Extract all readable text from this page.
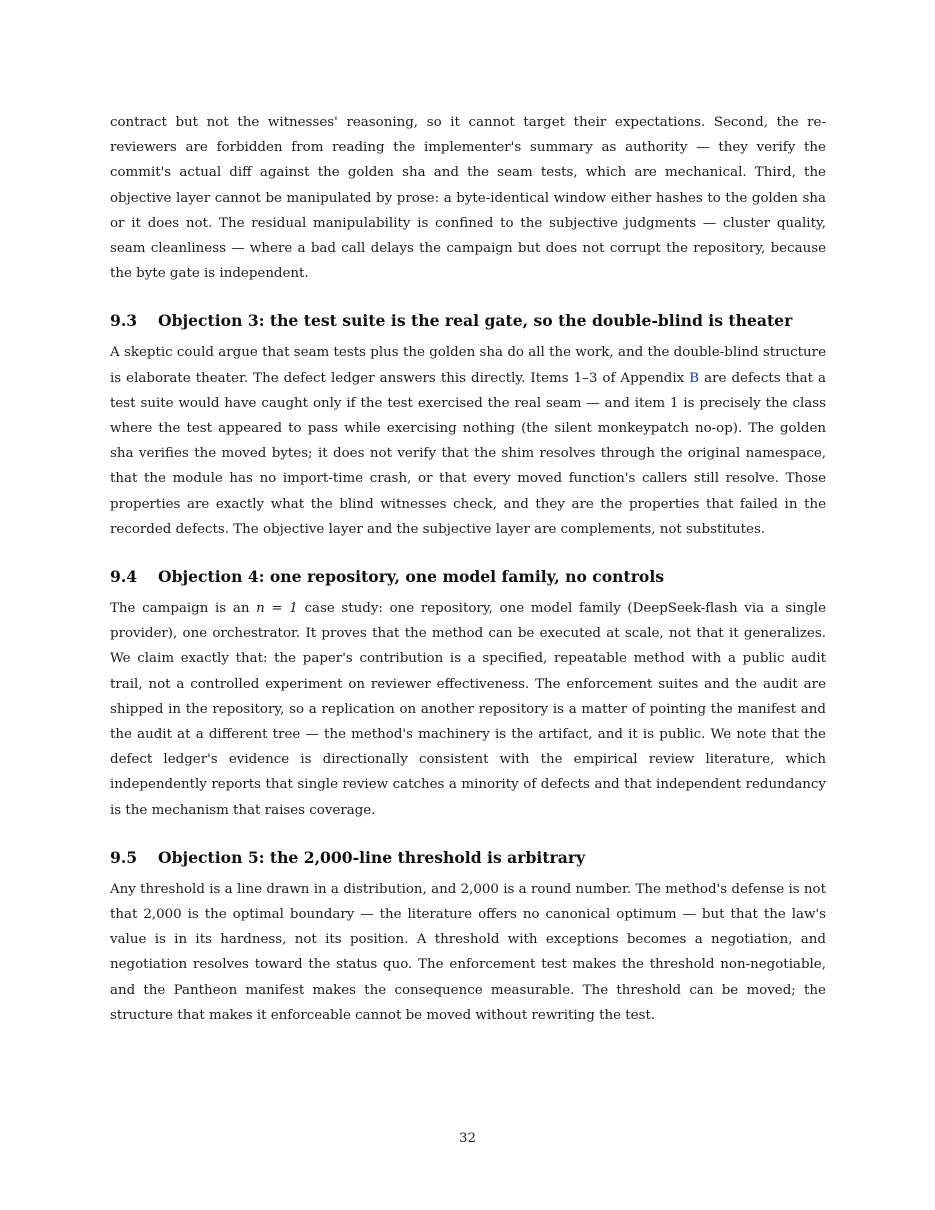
contract but not the witnesses' reasoning, so it cannot target their expectations. Second, the re-reviewers are forbidden from reading the implementer's summary as authority — they verify the commit's actual diff against the golden sha and the seam tests, which are mechanical. Third, the objective layer cannot be manipulated by prose: a byte-identical window either hashes to the golden sha or it does not. The residual manipulability is confined to the subjective judgments — cluster quality, seam cleanliness — where a bad call delays the campaign but does not corrupt the repository, because the byte gate is independent.

9.3 Objection 3: the test suite is the real gate, so the double-blind is theater

A skeptic could argue that seam tests plus the golden sha do all the work, and the double-blind structure is elaborate theater. The defect ledger answers this directly. Items 1–3 of Appendix B are defects that a test suite would have caught only if the test exercised the real seam — and item 1 is precisely the class where the test appeared to pass while exercising nothing (the silent monkeypatch no-op). The golden sha verifies the moved bytes; it does not verify that the shim resolves through the original namespace, that the module has no import-time crash, or that every moved function's callers still resolve. Those properties are exactly what the blind witnesses check, and they are the properties that failed in the recorded defects. The objective layer and the subjective layer are complements, not substitutes.

9.4 Objection 4: one repository, one model family, no controls

The campaign is an n = 1 case study: one repository, one model family (DeepSeek-flash via a single provider), one orchestrator. It proves that the method can be executed at scale, not that it generalizes. We claim exactly that: the paper's contribution is a specified, repeatable method with a public audit trail, not a controlled experiment on reviewer effectiveness. The enforcement suites and the audit are shipped in the repository, so a replication on another repository is a matter of pointing the manifest and the audit at a different tree — the method's machinery is the artifact, and it is public. We note that the defect ledger's evidence is directionally consistent with the empirical review literature, which independently reports that single review catches a minority of defects and that independent redundancy is the mechanism that raises coverage.

9.5 Objection 5: the 2,000-line threshold is arbitrary

Any threshold is a line drawn in a distribution, and 2,000 is a round number. The method's defense is not that 2,000 is the optimal boundary — the literature offers no canonical optimum — but that the law's value is in its hardness, not its position. A threshold with exceptions becomes a negotiation, and negotiation resolves toward the status quo. The enforcement test makes the threshold non-negotiable, and the Pantheon manifest makes the consequence measurable. The threshold can be moved; the structure that makes it enforceable cannot be moved without rewriting the test.

32
